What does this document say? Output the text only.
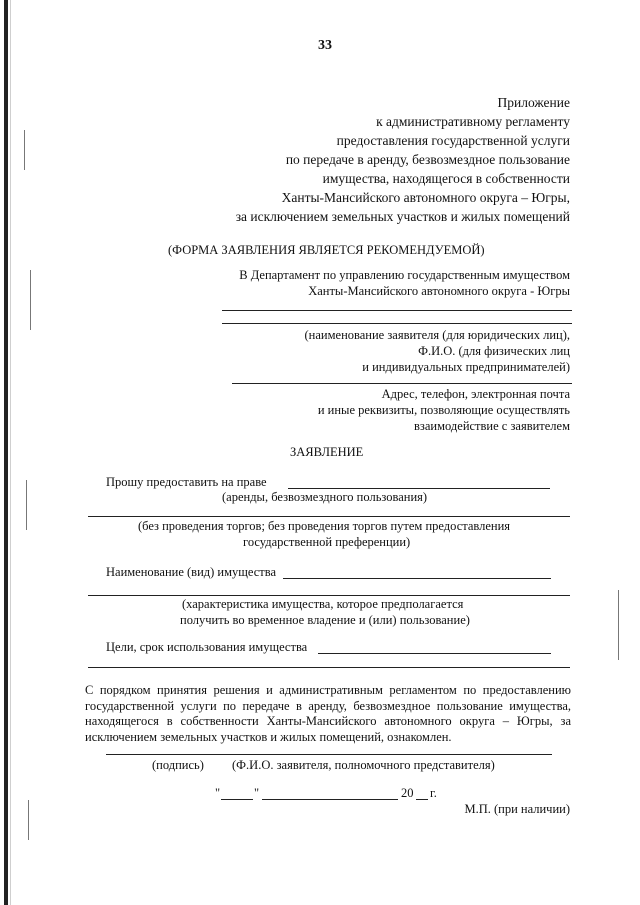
33
Приложение
к административному регламенту
предоставления государственной услуги
по передаче в аренду, безвозмездное пользование
имущества, находящегося в собственности
Ханты-Мансийского автономного округа – Югры,
за исключением земельных участков и жилых помещений
(ФОРМА ЗАЯВЛЕНИЯ ЯВЛЯЕТСЯ РЕКОМЕНДУЕМОЙ)
В Департамент по управлению государственным имуществом
Ханты-Мансийского автономного округа - Югры
(наименование заявителя (для юридических лиц),
Ф.И.О. (для физических лиц
и индивидуальных предпринимателей)
Адрес, телефон, электронная почта
и иные реквизиты, позволяющие осуществлять
взаимодействие с заявителем
ЗАЯВЛЕНИЕ
Прошу предоставить на праве
(аренды, безвозмездного пользования)
(без проведения торгов; без проведения торгов путем предоставления
государственной преференции)
Наименование (вид) имущества
(характеристика имущества, которое предполагается
получить во временное владение и (или) пользование)
Цели, срок использования имущества
С порядком принятия решения и административным регламентом по предоставлению государственной услуги по передаче в аренду, безвозмездное пользование имущества, находящегося в собственности Ханты-Мансийского автономного округа – Югры, за исключением земельных участков и жилых помещений, ознакомлен.
(подпись) (Ф.И.О. заявителя, полномочного представителя)
"	"	20 г.
М.П. (при наличии)
